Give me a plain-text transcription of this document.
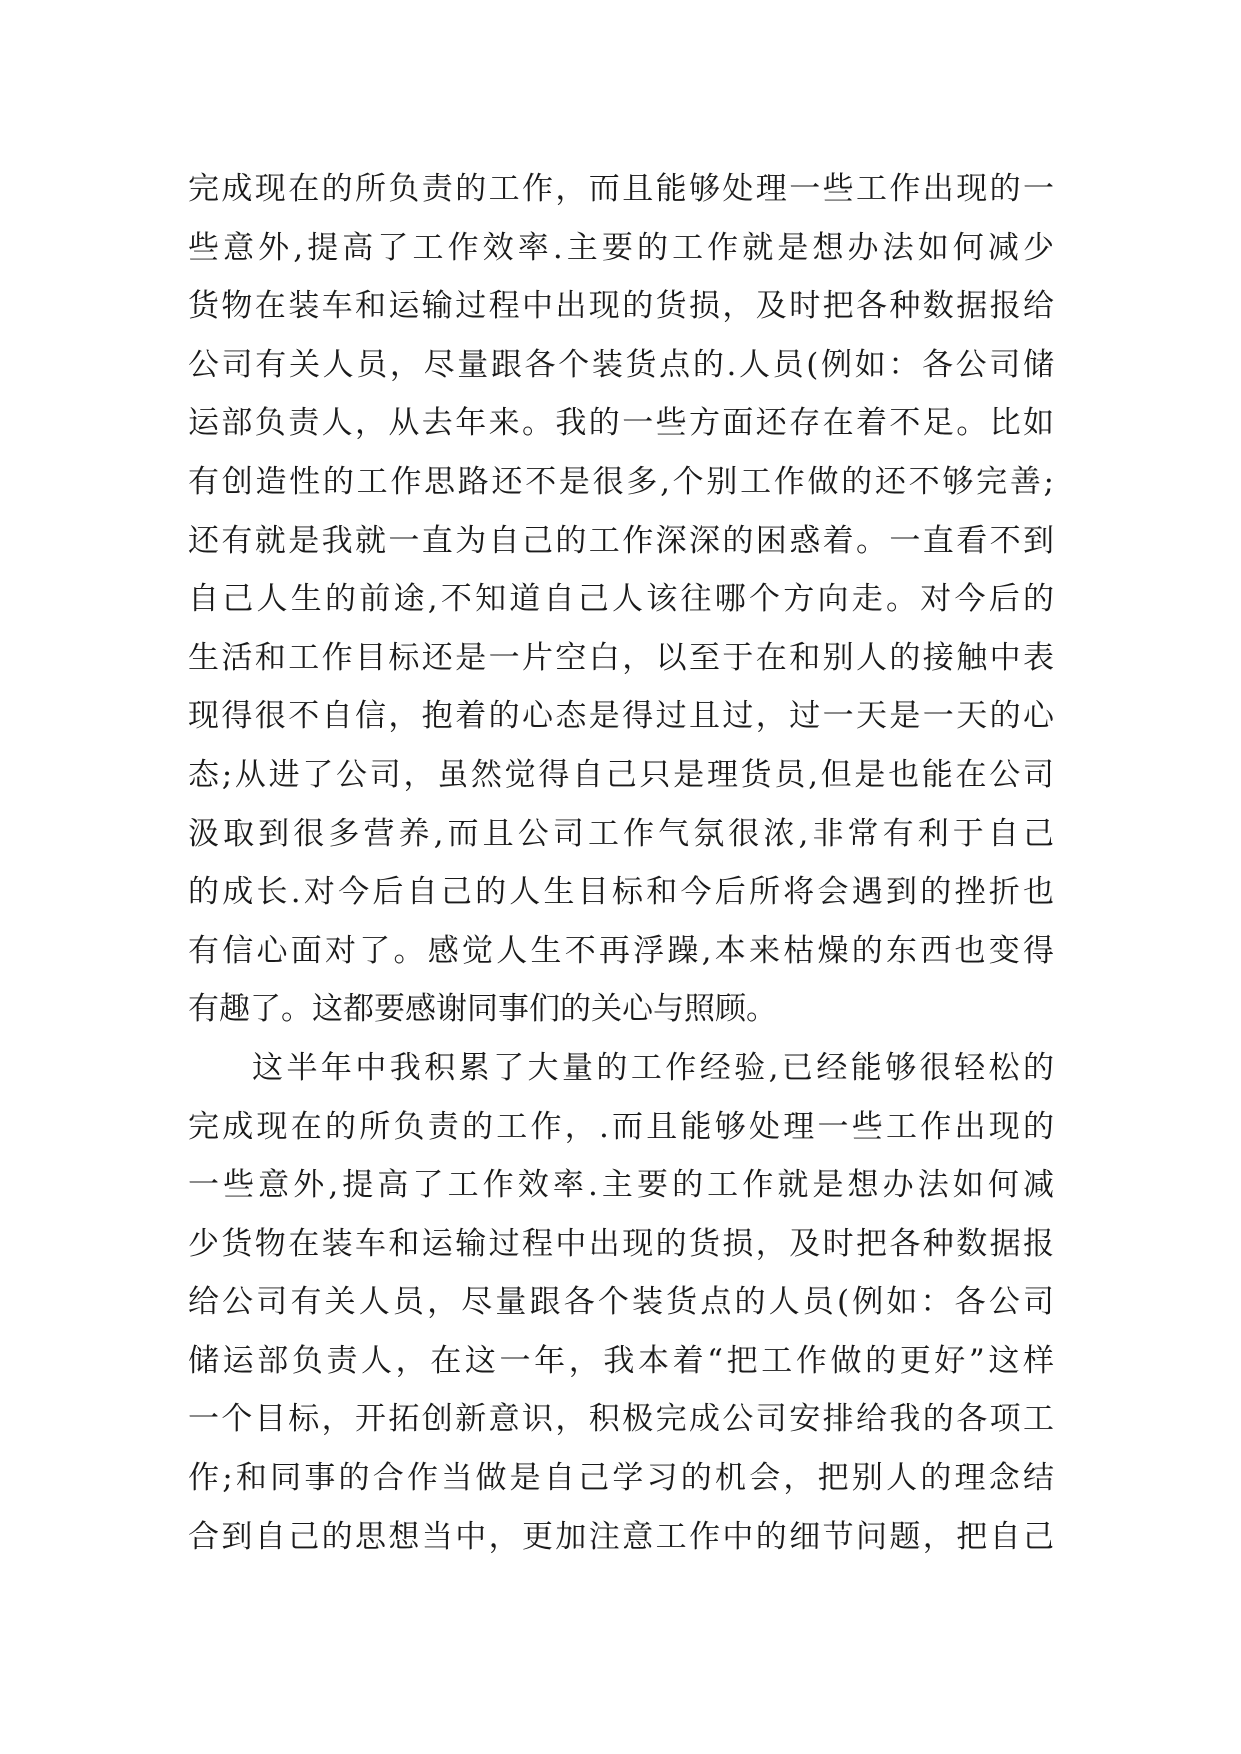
完成现在的所负责的工作，而且能够处理一些工作出现的一
些意外,提高了工作效率.主要的工作就是想办法如何减少
货物在装车和运输过程中出现的货损，及时把各种数据报给
公司有关人员，尽量跟各个装货点的.人员(例如：各公司储
运部负责人，从去年来。我的一些方面还存在着不足。比如
有创造性的工作思路还不是很多,个别工作做的还不够完善;
还有就是我就一直为自己的工作深深的困惑着。一直看不到
自己人生的前途,不知道自己人该往哪个方向走。对今后的
生活和工作目标还是一片空白，以至于在和别人的接触中表
现得很不自信，抱着的心态是得过且过，过一天是一天的心
态;从进了公司，虽然觉得自己只是理货员,但是也能在公司
汲取到很多营养,而且公司工作气氛很浓,非常有利于自己
的成长.对今后自己的人生目标和今后所将会遇到的挫折也
有信心面对了。感觉人生不再浮躁,本来枯燥的东西也变得
有趣了。这都要感谢同事们的关心与照顾。
这半年中我积累了大量的工作经验,已经能够很轻松的
完成现在的所负责的工作，.而且能够处理一些工作出现的
一些意外,提高了工作效率.主要的工作就是想办法如何减
少货物在装车和运输过程中出现的货损，及时把各种数据报
给公司有关人员，尽量跟各个装货点的人员(例如：各公司
储运部负责人，在这一年，我本着“把工作做的更好”这样
一个目标，开拓创新意识，积极完成公司安排给我的各项工
作;和同事的合作当做是自己学习的机会，把别人的理念结
合到自己的思想当中，更加注意工作中的细节问题，把自己
